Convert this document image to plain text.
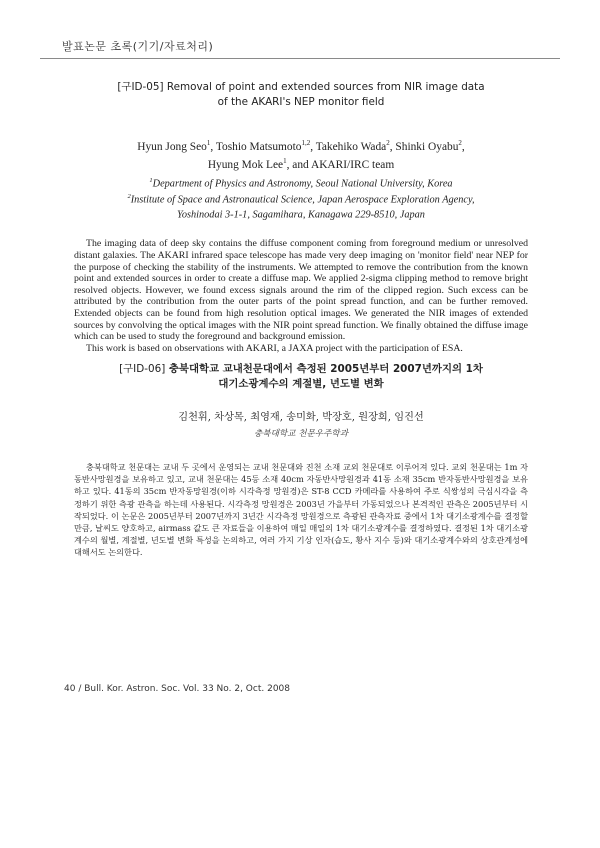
발표논문 초록(기기/자료처리)
[구ID-05] Removal of point and extended sources from NIR image data
of the AKARI's NEP monitor field
Hyun Jong Seo$^1$, Toshio Matsumoto$^{1,2}$, Takehiko Wada$^2$, Shinki Oyabu$^2$,
Hyung Mok Lee$^1$, and AKARI/IRC team
$^1$Department of Physics and Astronomy, Seoul National University, Korea
$^2$Institute of Space and Astronautical Science, Japan Aerospace Exploration Agency,
Yoshinodai 3-1-1, Sagamihara, Kanagawa 229-8510, Japan

The imaging data of deep sky contains the diffuse component coming from foreground medium or unresolved distant galaxies. The AKARI infrared space telescope has made very deep imaging on 'monitor field' near NEP for the purpose of checking the stability of the instruments. We attempted to remove the contribution from the known point and extended sources in order to create a diffuse map. We applied 2-sigma clipping method to remove bright resolved objects. However, we found excess signals around the rim of the clipped region. Such excess can be attributed by the contribution from the outer parts of the point spread function, and can be further removed. Extended objects can be found from high resolution optical images. We generated the NIR images of extended sources by convolving the optical images with the NIR point spread function. We finally obtained the diffuse image which can be used to study the foreground and background emission.

This work is based on observations with AKARI, a JAXA project with the participation of ESA.

[구ID-06] 충북대학교 교내천문대에서 측정된 2005년부터 2007년까지의 1차
대기소광계수의 계절별, 년도별 변화
김천휘, 차상목, 최영재, 송미화, 박장호, 원장희, 임진선
충북대학교 천문우주학과

충북대학교 천문대는 교내 두 곳에서 운영되는 교내 천문대와 진천 소재 교외 천문대로 이루어져 있다. 교외 천문대는 1m 자동반사망원경을 보유하고 있고, 교내 천문대는 45등 소재 40cm 자동반사망원경과 41동 소재 35cm 반자동반사망원경을 보유하고 있다. 41동의 35cm 반자동망원경(이하 시각측정 망원경)은 ST-8 CCD 카메라를 사용하여 주로 식쌍성의 극심시각을 측정하기 위한 측광 관측을 하는데 사용된다. 시각측정 망원경은 2003년 가을부터 가동되었으나 본격적인 관측은 2005년부터 시작되었다. 이 논문은 2005년부터 2007년까지 3년간 시각측정 망원경으로 측광된 관측자료 중에서 1차 대기소광계수를 결정할 만큼, 날씨도 양호하고, airmass 값도 큰 자료들을 이용하여 매일 매일의 1차 대기소광계수를 결정하였다. 결정된 1차 대기소광계수의 월별, 계절별, 년도별 변화 특성을 논의하고, 여러 가지 기상 인자(습도, 황사 지수 등)와 대기소광계수와의 상호관계성에 대해서도 논의한다.

40 / Bull. Kor. Astron. Soc. Vol. 33 No. 2, Oct. 2008
